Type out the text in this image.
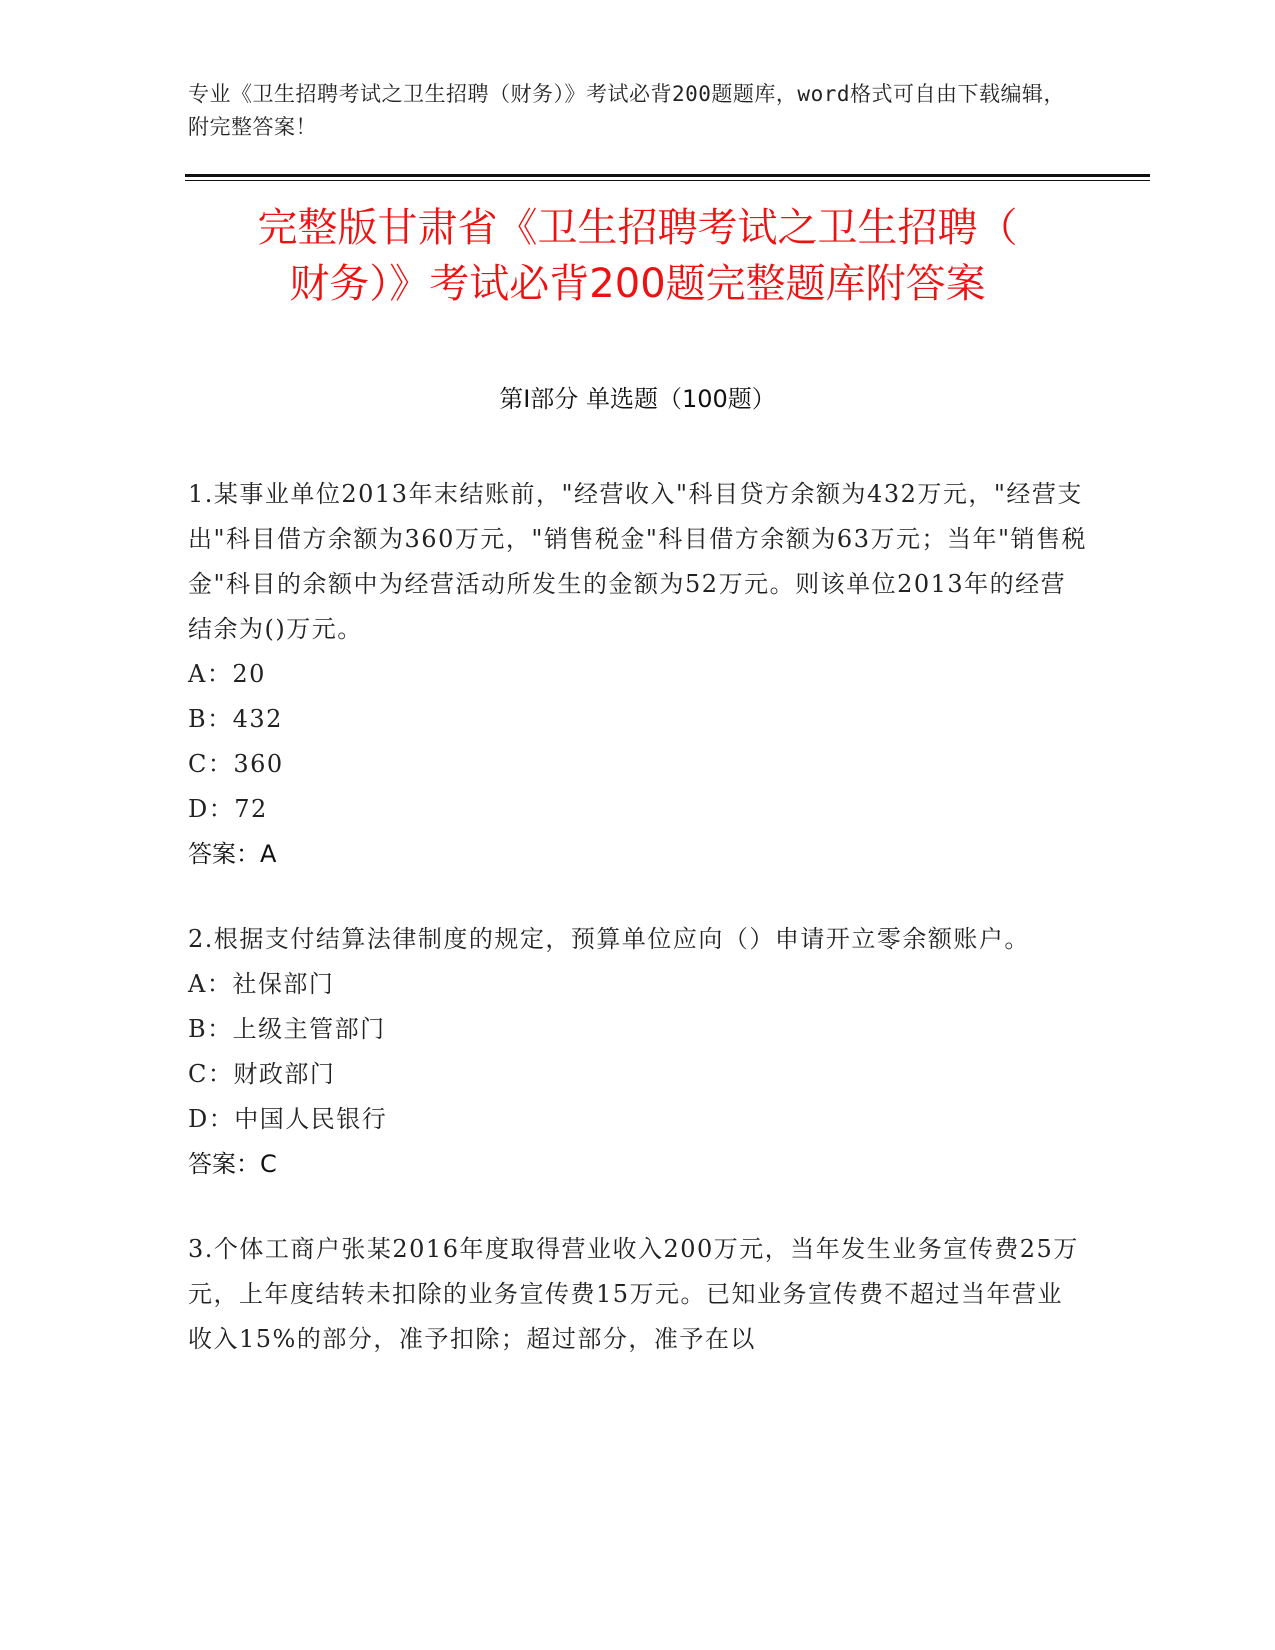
专业《卫生招聘考试之卫生招聘（财务）》考试必背200题题库，word格式可自由下载编辑，附完整答案！
完整版甘肃省《卫生招聘考试之卫生招聘（
财务）》考试必背200题完整题库附答案
第Ⅰ部分 单选题（100题）
1.某事业单位2013年末结账前，"经营收入"科目贷方余额为432万元，"经营支出"科目借方余额为360万元，"销售税金"科目借方余额为63万元；当年"销售税金"科目的余额中为经营活动所发生的金额为52万元。则该单位2013年的经营结余为()万元。
A：20
B：432
C：360
D：72
答案：A
2.根据支付结算法律制度的规定，预算单位应向（）申请开立零余额账户。
A：社保部门
B：上级主管部门
C：财政部门
D：中国人民银行
答案：C
3.个体工商户张某2016年度取得营业收入200万元，当年发生业务宣传费25万元，上年度结转未扣除的业务宣传费15万元。已知业务宣传费不超过当年营业收入15%的部分，准予扣除；超过部分，准予在以
